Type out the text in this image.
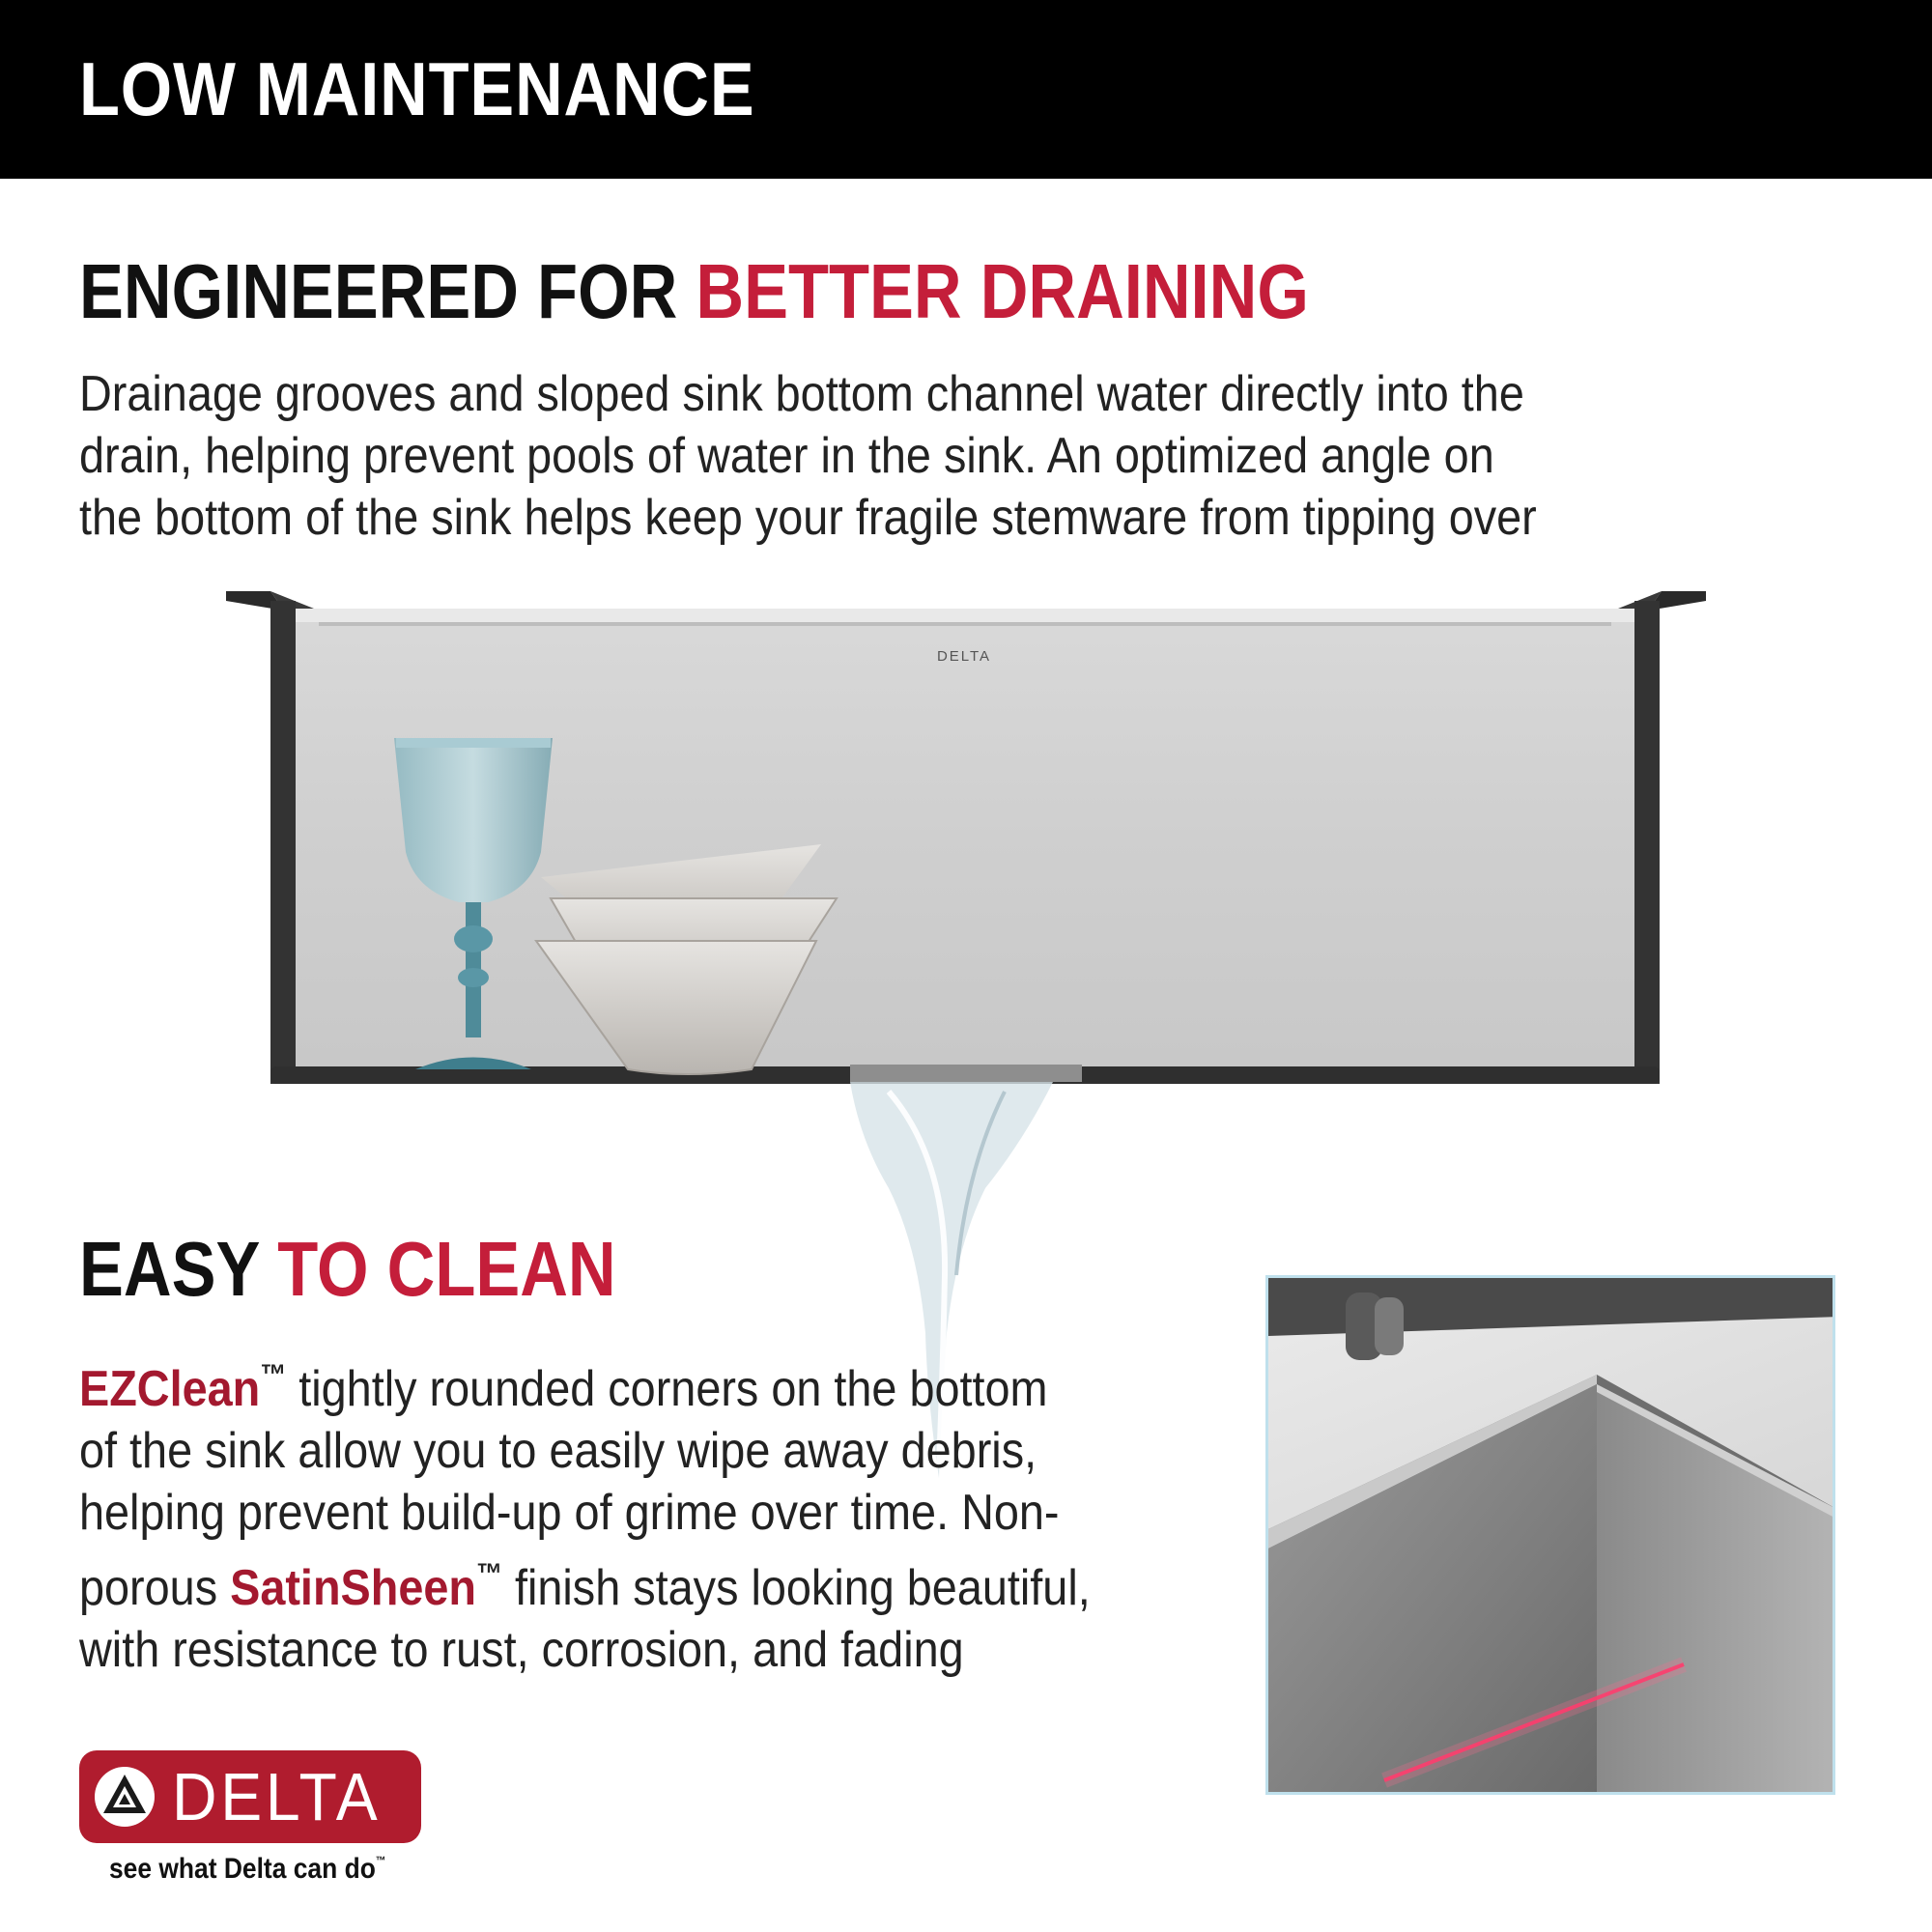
LOW MAINTENANCE
ENGINEERED FOR BETTER DRAINING

Drainage grooves and sloped sink bottom channel water directly into the
drain, helping prevent pools of water in the sink. An optimized angle on
the bottom of the sink helps keep your fragile stemware from tipping over

DELTA
EASY TO CLEAN

EZClean™ tightly rounded corners on the bottom
of the sink allow you to easily wipe away debris,
helping prevent build-up of grime over time. Non-
porous SatinSheen™ finish stays looking beautiful,
with resistance to rust, corrosion, and fading

DELTA

see what Delta can do™
